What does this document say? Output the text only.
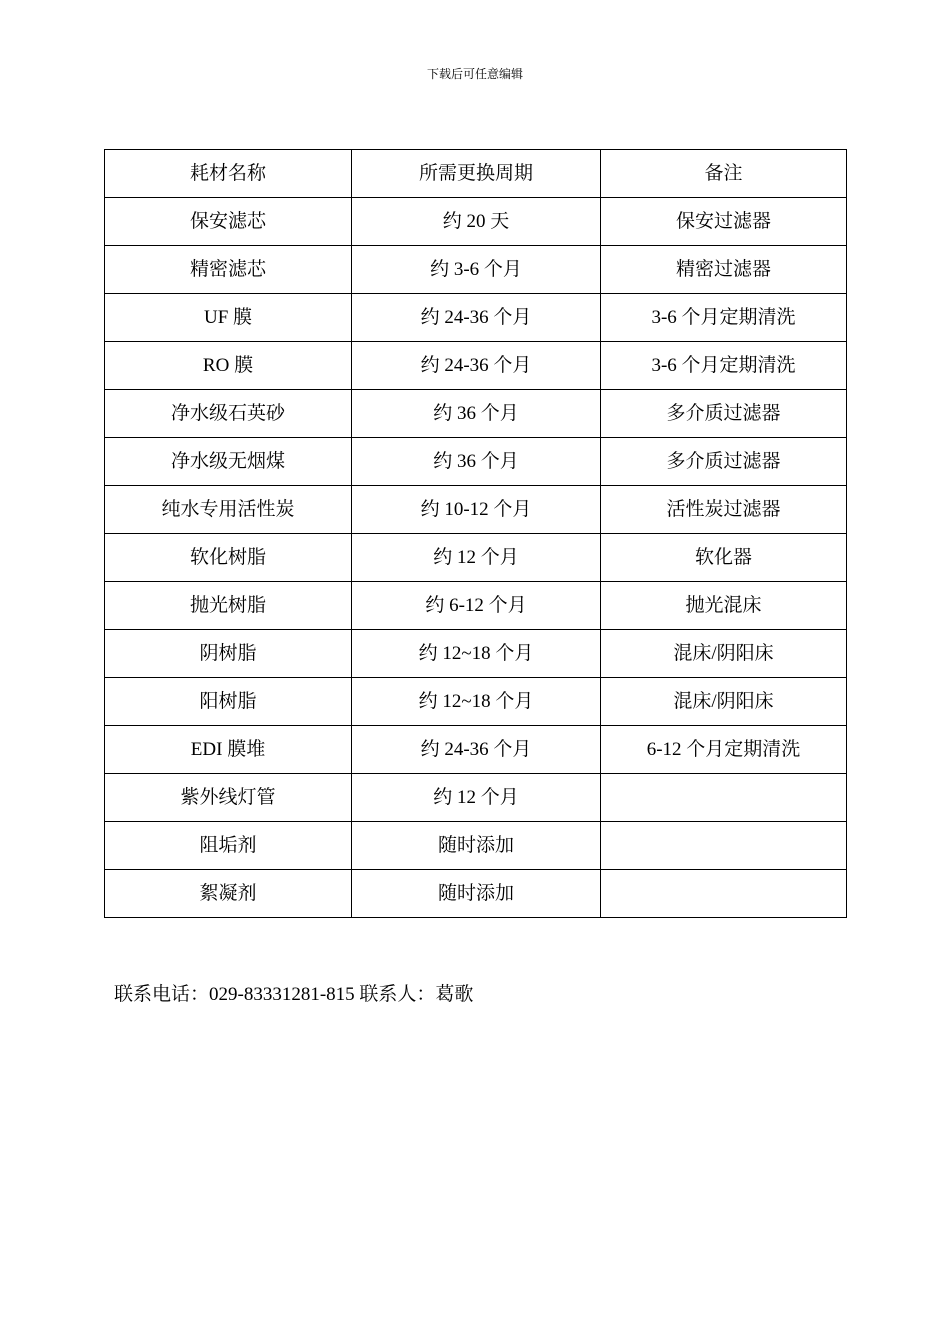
下载后可任意编辑
耗材名称	所需更换周期	备注
保安滤芯	约 20 天	保安过滤器
精密滤芯	约 3-6 个月	精密过滤器
UF 膜	约 24-36 个月	3-6 个月定期清洗
RO 膜	约 24-36 个月	3-6 个月定期清洗
净水级石英砂	约 36 个月	多介质过滤器
净水级无烟煤	约 36 个月	多介质过滤器
纯水专用活性炭	约 10-12 个月	活性炭过滤器
软化树脂	约 12 个月	软化器
抛光树脂	约 6-12 个月	抛光混床
阴树脂	约 12~18 个月	混床/阴阳床
阳树脂	约 12~18 个月	混床/阴阳床
EDI 膜堆	约 24-36 个月	6-12 个月定期清洗
紫外线灯管	约 12 个月	
阻垢剂	随时添加	
絮凝剂	随时添加	
联系电话：029-83331281-815 联系人：葛歌
